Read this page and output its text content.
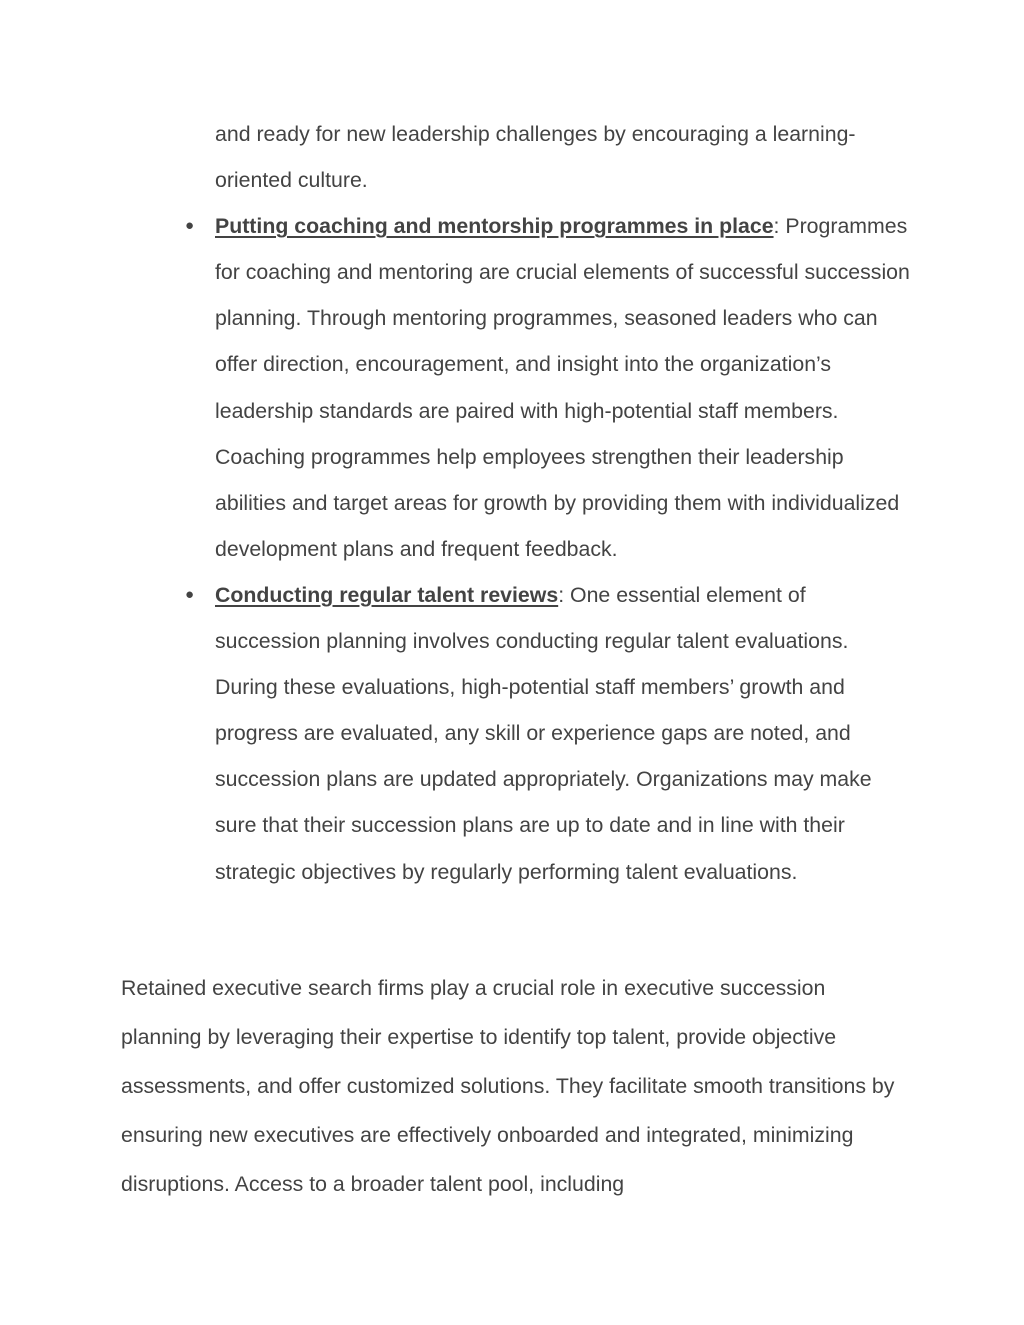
and ready for new leadership challenges by encouraging a learning-oriented culture.

● Putting coaching and mentorship programmes in place: Programmes for coaching and mentoring are crucial elements of successful succession planning. Through mentoring programmes, seasoned leaders who can offer direction, encouragement, and insight into the organization’s leadership standards are paired with high-potential staff members. Coaching programmes help employees strengthen their leadership abilities and target areas for growth by providing them with individualized development plans and frequent feedback.

● Conducting regular talent reviews: One essential element of succession planning involves conducting regular talent evaluations. During these evaluations, high-potential staff members’ growth and progress are evaluated, any skill or experience gaps are noted, and succession plans are updated appropriately. Organizations may make sure that their succession plans are up to date and in line with their strategic objectives by regularly performing talent evaluations.

Retained executive search firms play a crucial role in executive succession planning by leveraging their expertise to identify top talent, provide objective assessments, and offer customized solutions. They facilitate smooth transitions by ensuring new executives are effectively onboarded and integrated, minimizing disruptions. Access to a broader talent pool, including
